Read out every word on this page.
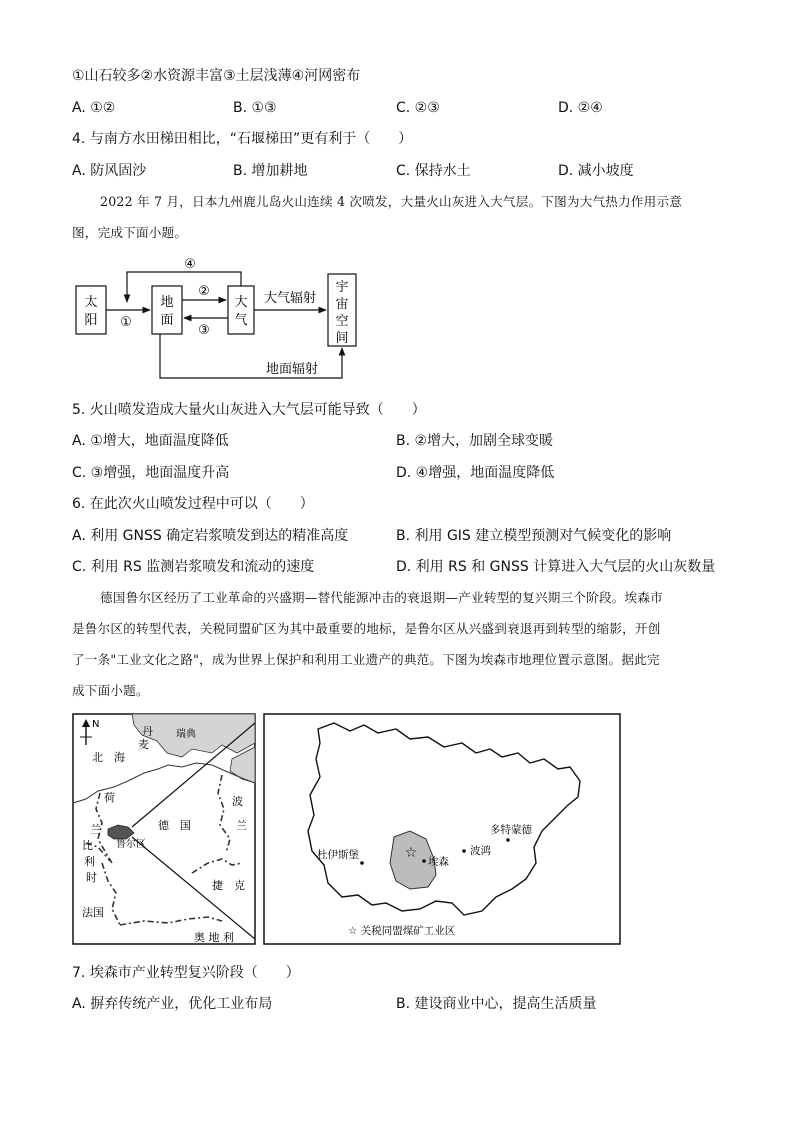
①山石较多②水资源丰富③土层浅薄④河网密布
A. ①②	B. ①③	C. ②③	D. ②④
4. 与南方水田梯田相比，“石堰梯田”更有利于（　　）
A. 防风固沙	B. 增加耕地	C. 保持水土	D. 减小坡度
2022 年 7 月，日本九州鹿儿岛火山连续 4 次喷发，大量火山灰进入大气层。下图为大气热力作用示意
图，完成下面小题。
太
阳
地
面
大
气
宇
宙
空
间
①
②
③
④
大气辐射
地面辐射
5. 火山喷发造成大量火山灰进入大气层可能导致（　　）
A. ①增大，地面温度降低	B. ②增大，加剧全球变暖
C. ③增强，地面温度升高	D. ④增强，地面温度降低
6. 在此次火山喷发过程中可以（　　）
A. 利用 GNSS 确定岩浆喷发到达的精准高度	B. 利用 GIS 建立模型预测对气候变化的影响
C. 利用 RS 监测岩浆喷发和流动的速度	D. 利用 RS 和 GNSS 计算进入大气层的火山灰数量
德国鲁尔区经历了工业革命的兴盛期—替代能源冲击的衰退期—产业转型的复兴期三个阶段。埃森市
是鲁尔区的转型代表，关税同盟矿区为其中最重要的地标，是鲁尔区从兴盛到衰退再到转型的缩影，开创
了一条"工业文化之路"，成为世界上保护和利用工业遗产的典范。下图为埃森市地理位置示意图。据此完
成下面小题。
N
北　海
丹
麦
瑞典
荷
兰	德　国
波
兰
比
利
时
法国
捷　克
奥 地 利
鲁尔区
☆
多特蒙德
杜伊斯堡
埃森
波鸿
☆ 关税同盟煤矿工业区
7. 埃森市产业转型复兴阶段（　　）
A. 摒弃传统产业，优化工业布局	B. 建设商业中心，提高生活质量
